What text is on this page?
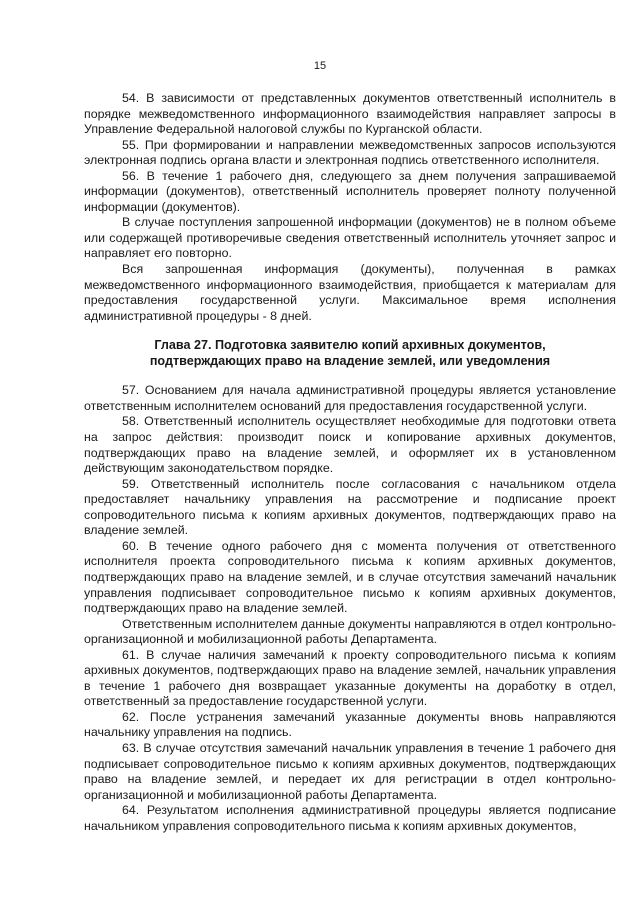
15

54. В зависимости от представленных документов ответственный исполнитель в порядке межведомственного информационного взаимодействия направляет запросы в Управление Федеральной налоговой службы по Курганской области.

55. При формировании и направлении межведомственных запросов используются электронная подпись органа власти и электронная подпись ответственного исполнителя.

56. В течение 1 рабочего дня, следующего за днем получения запрашиваемой информации (документов), ответственный исполнитель проверяет полноту полученной информации (документов).

В случае поступления запрошенной информации (документов) не в полном объеме или содержащей противоречивые сведения ответственный исполнитель уточняет запрос и направляет его повторно.

Вся запрошенная информация (документы), полученная в рамках межведомственного информационного взаимодействия, приобщается к материалам для предоставления государственной услуги. Максимальное время исполнения административной процедуры - 8 дней.

Глава 27. Подготовка заявителю копий архивных документов,
подтверждающих право на владение землей, или уведомления

57. Основанием для начала административной процедуры является установление ответственным исполнителем оснований для предоставления государственной услуги.

58. Ответственный исполнитель осуществляет необходимые для подготовки ответа на запрос действия: производит поиск и копирование архивных документов, подтверждающих право на владение землей, и оформляет их в установленном действующим законодательством порядке.

59. Ответственный исполнитель после согласования с начальником отдела предоставляет начальнику управления на рассмотрение и подписание проект сопроводительного письма к копиям архивных документов, подтверждающих право на владение землей.

60. В течение одного рабочего дня с момента получения от ответственного исполнителя проекта сопроводительного письма к копиям архивных документов, подтверждающих право на владение землей, и в случае отсутствия замечаний начальник управления подписывает сопроводительное письмо к копиям архивных документов, подтверждающих право на владение землей.

Ответственным исполнителем данные документы направляются в отдел контрольно-организационной и мобилизационной работы Департамента.

61. В случае наличия замечаний к проекту сопроводительного письма к копиям архивных документов, подтверждающих право на владение землей, начальник управления в течение 1 рабочего дня возвращает указанные документы на доработку в отдел, ответственный за предоставление государственной услуги.

62. После устранения замечаний указанные документы вновь направляются начальнику управления на подпись.

63. В случае отсутствия замечаний начальник управления в течение 1 рабочего дня подписывает сопроводительное письмо к копиям архивных документов, подтверждающих право на владение землей, и передает их для регистрации в отдел контрольно-организационной и мобилизационной работы Департамента.

64. Результатом исполнения административной процедуры является подписание начальником управления сопроводительного письма к копиям архивных документов,
